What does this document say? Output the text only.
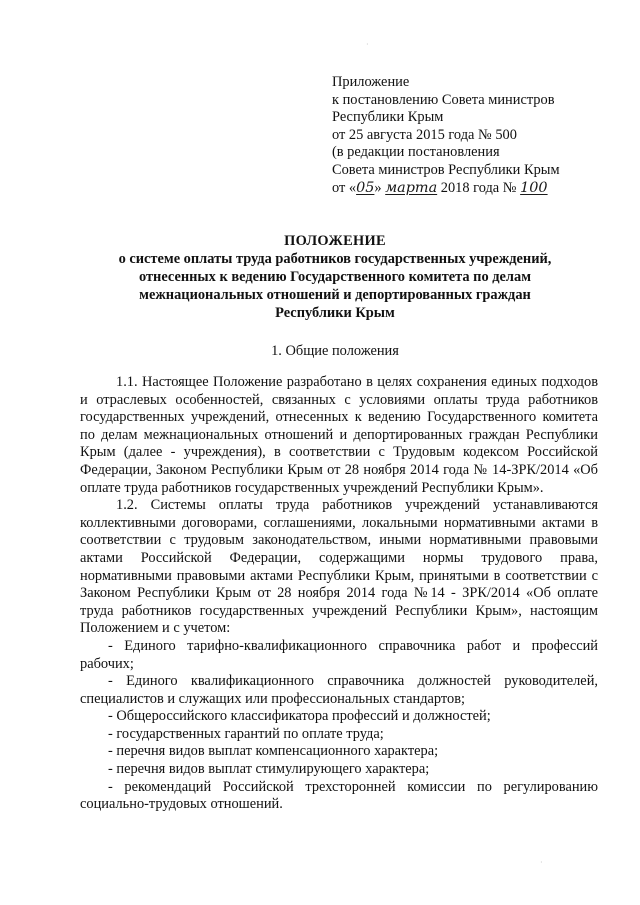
Приложение
к постановлению Совета министров
Республики Крым
от 25 августа 2015 года № 500
(в редакции постановления
Совета министров Республики Крым
от «05» марта 2018 года № 100
ПОЛОЖЕНИЕ
о системе оплаты труда работников государственных учреждений,
отнесенных к ведению Государственного комитета по делам
межнациональных отношений и депортированных граждан
Республики Крым
1. Общие положения

1.1. Настоящее Положение разработано в целях сохранения единых подходов и отраслевых особенностей, связанных с условиями оплаты труда работников государственных учреждений, отнесенных к ведению Государственного комитета по делам межнациональных отношений и депортированных граждан Республики Крым (далее - учреждения), в соответствии с Трудовым кодексом Российской Федерации, Законом Республики Крым от 28 ноября 2014 года № 14-ЗРК/2014 «Об оплате труда работников государственных учреждений Республики Крым».

1.2. Системы оплаты труда работников учреждений устанавливаются коллективными договорами, соглашениями, локальными нормативными актами в соответствии с трудовым законодательством, иными нормативными правовыми актами Российской Федерации, содержащими нормы трудового права, нормативными правовыми актами Республики Крым, принятыми в соответствии с Законом Республики Крым от 28 ноября 2014 года №14 - ЗРК/2014 «Об оплате труда работников государственных учреждений Республики Крым», настоящим Положением и с учетом:

- Единого тарифно-квалификационного справочника работ и профессий рабочих;

- Единого квалификационного справочника должностей руководителей, специалистов и служащих или профессиональных стандартов;

- Общероссийского классификатора профессий и должностей;

- государственных гарантий по оплате труда;

- перечня видов выплат компенсационного характера;

- перечня видов выплат стимулирующего характера;

- рекомендаций Российской трехсторонней комиссии по регулированию социально-трудовых отношений.

·
·
